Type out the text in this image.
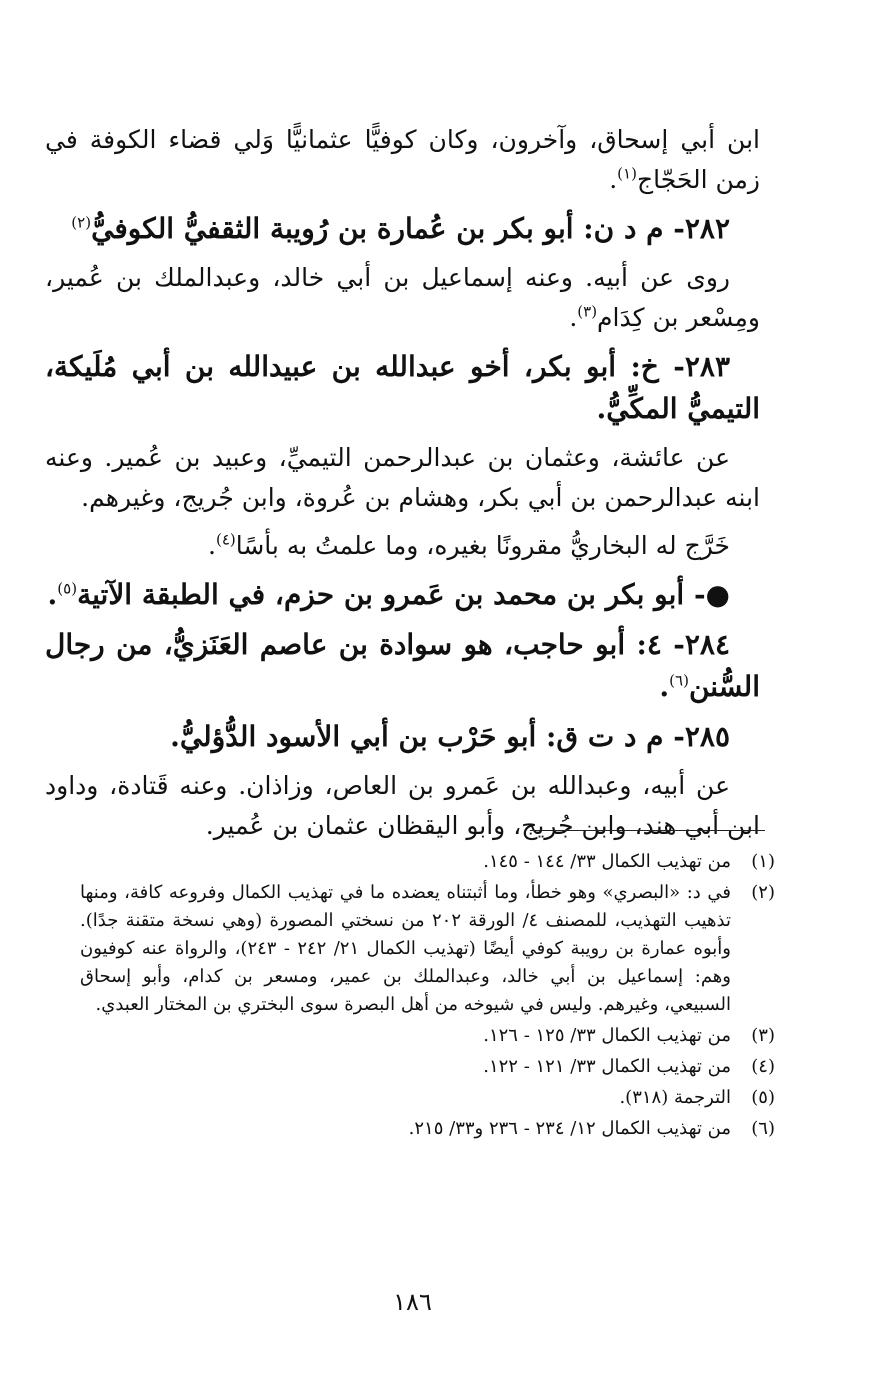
ابن أبي إسحاق، وآخرون، وكان كوفيًّا عثمانيًّا وَلي قضاء الكوفة في زمن الحَجّاج$^{(١)}$.

٢٨٢- م د ن: أبو بكر بن عُمارة بن رُويبة الثقفيُّ الكوفيُّ$^{(٢)}$

روى عن أبيه. وعنه إسماعيل بن أبي خالد، وعبدالملك بن عُمير، ومِسْعر بن كِدَام$^{(٣)}$.

٢٨٣- خ: أبو بكر، أخو عبدالله بن عبيدالله بن أبي مُلَيكة، التيميُّ المكِّيُّ.

عن عائشة، وعثمان بن عبدالرحمن التيميِّ، وعبيد بن عُمير. وعنه ابنه عبدالرحمن بن أبي بكر، وهشام بن عُروة، وابن جُريج، وغيرهم.

خَرَّج له البخاريُّ مقرونًا بغيره، وما علمتُ به بأسًا$^{(٤)}$.

●- أبو بكر بن محمد بن عَمرو بن حزم، في الطبقة الآتية$^{(٥)}$.

٢٨٤- ٤: أبو حاجب، هو سوادة بن عاصم العَنَزيُّ، من رجال السُّنن$^{(٦)}$.

٢٨٥- م د ت ق: أبو حَرْب بن أبي الأسود الدُّؤليُّ.

عن أبيه، وعبدالله بن عَمرو بن العاص، وزاذان. وعنه قَتادة، وداود ابن أبي هند، وابن جُريج، وأبو اليقظان عثمان بن عُمير.

(١)
من تهذيب الكمال ٣٣/ ١٤٤ - ١٤٥.
(٢)
في د: «البصري» وهو خطأ، وما أثبتناه يعضده ما في تهذيب الكمال وفروعه كافة، ومنها تذهيب التهذيب، للمصنف ٤/ الورقة ٢٠٢ من نسختي المصورة (وهي نسخة متقنة جدًا). وأبوه عمارة بن رويبة كوفي أيضًا (تهذيب الكمال ٢١/ ٢٤٢ - ٢٤٣)، والرواة عنه كوفيون وهم: إسماعيل بن أبي خالد، وعبدالملك بن عمير، ومسعر بن كدام، وأبو إسحاق السبيعي، وغيرهم. وليس في شيوخه من أهل البصرة سوى البختري بن المختار العبدي.
(٣)
من تهذيب الكمال ٣٣/ ١٢٥ - ١٢٦.
(٤)
من تهذيب الكمال ٣٣/ ١٢١ - ١٢٢.
(٥)
الترجمة (٣١٨).
(٦)
من تهذيب الكمال ١٢/ ٢٣٤ - ٢٣٦ و٣٣/ ٢١٥.
١٨٦
